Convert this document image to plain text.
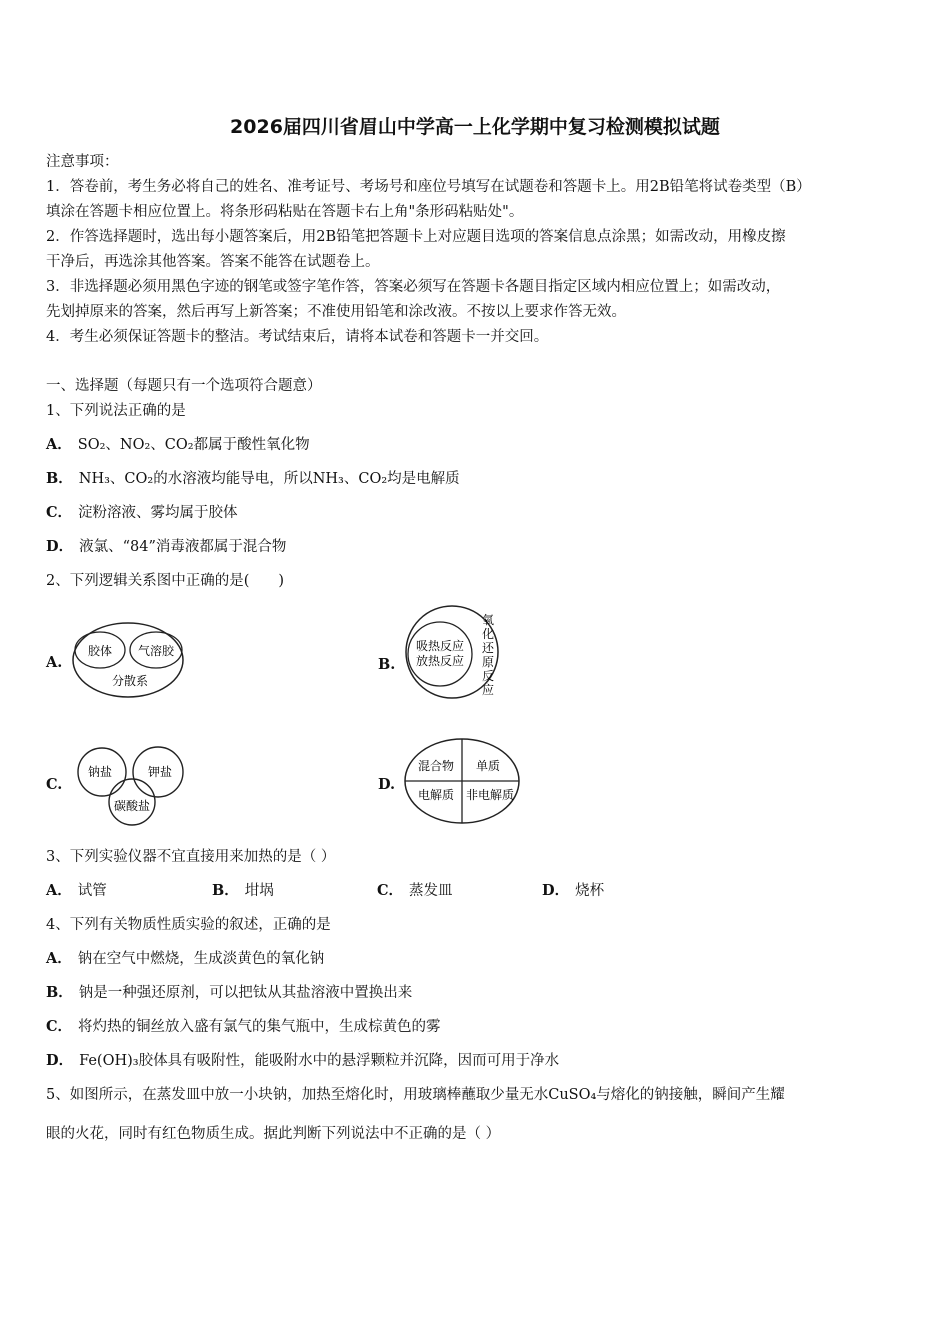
2026届四川省眉山中学高一上化学期中复习检测模拟试题
注意事项：
1．答卷前，考生务必将自己的姓名、准考证号、考场号和座位号填写在试题卷和答题卡上。用2B铅笔将试卷类型（B）
填涂在答题卡相应位置上。将条形码粘贴在答题卡右上角"条形码粘贴处"。
2．作答选择题时，选出每小题答案后，用2B铅笔把答题卡上对应题目选项的答案信息点涂黑；如需改动，用橡皮擦
干净后，再选涂其他答案。答案不能答在试题卷上。
3．非选择题必须用黑色字迹的钢笔或签字笔作答，答案必须写在答题卡各题目指定区域内相应位置上；如需改动，
先划掉原来的答案，然后再写上新答案；不准使用铅笔和涂改液。不按以上要求作答无效。
4．考生必须保证答题卡的整洁。考试结束后，请将本试卷和答题卡一并交回。
一、选择题（每题只有一个选项符合题意）
1、下列说法正确的是
A． SO₂、NO₂、CO₂都属于酸性氧化物
B． NH₃、CO₂的水溶液均能导电，所以NH₃、CO₂均是电解质
C． 淀粉溶液、雾均属于胶体
D． 液氯、“84”消毒液都属于混合物
2、下列逻辑关系图中正确的是(　　)
A.
胶体 气溶胶
分散系
B.
吸热反应
放热反应
氧
化
还
原
反
应
C.
钠盐	钾盐
碳酸盐
D.
混合物 单质
电解质 非电解质
3、下列实验仪器不宜直接用来加热的是（ ）
A． 试管	B． 坩埚	C． 蒸发皿	D． 烧杯
4、下列有关物质性质实验的叙述，正确的是
A． 钠在空气中燃烧，生成淡黄色的氧化钠
B． 钠是一种强还原剂，可以把钛从其盐溶液中置换出来
C． 将灼热的铜丝放入盛有氯气的集气瓶中，生成棕黄色的雾
D． Fe(OH)₃胶体具有吸附性，能吸附水中的悬浮颗粒并沉降，因而可用于净水
5、如图所示，在蒸发皿中放一小块钠，加热至熔化时，用玻璃棒蘸取少量无水CuSO₄与熔化的钠接触，瞬间产生耀
眼的火花，同时有红色物质生成。据此判断下列说法中不正确的是（ ）
